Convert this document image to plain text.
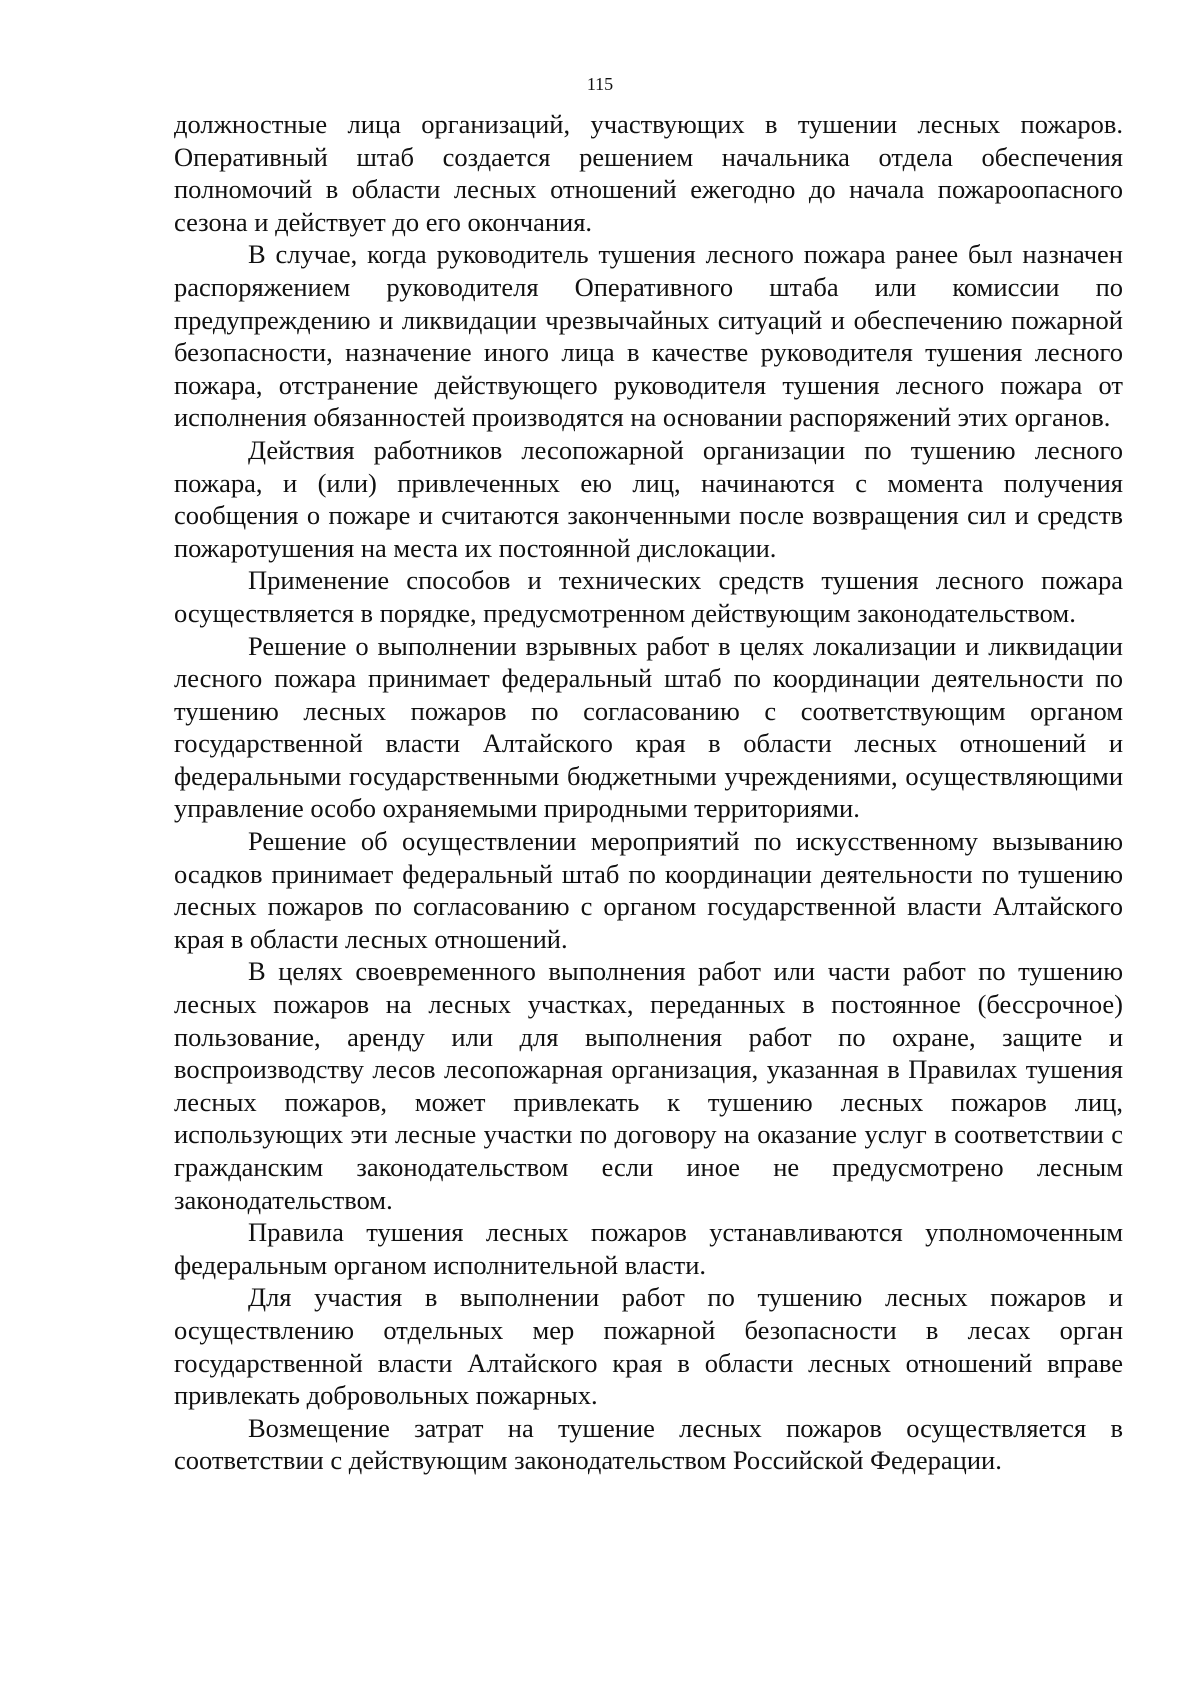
115

должностные лица организаций, участвующих в тушении лесных пожаров. Оперативный штаб создается решением начальника отдела обеспечения полномочий в области лесных отношений ежегодно до начала пожароопасного сезона и действует до его окончания.

В случае, когда руководитель тушения лесного пожара ранее был назначен распоряжением руководителя Оперативного штаба или комиссии по предупреждению и ликвидации чрезвычайных ситуаций и обеспечению пожарной безопасности, назначение иного лица в качестве руководителя тушения лесного пожара, отстранение действующего руководителя тушения лесного пожара от исполнения обязанностей производятся на основании распоряжений этих органов.

Действия работников лесопожарной организации по тушению лесного пожара, и (или) привлеченных ею лиц, начинаются с момента получения сообщения о пожаре и считаются законченными после возвращения сил и средств пожаротушения на места их постоянной дислокации.

Применение способов и технических средств тушения лесного пожара осуществляется в порядке, предусмотренном действующим законодательством.

Решение о выполнении взрывных работ в целях локализации и ликвидации лесного пожара принимает федеральный штаб по координации деятельности по тушению лесных пожаров по согласованию с соответствующим органом государственной власти Алтайского края в области лесных отношений и федеральными государственными бюджетными учреждениями, осуществляющими управление особо охраняемыми природными территориями.

Решение об осуществлении мероприятий по искусственному вызыванию осадков принимает федеральный штаб по координации деятельности по тушению лесных пожаров по согласованию с органом государственной власти Алтайского края в области лесных отношений.

В целях своевременного выполнения работ или части работ по тушению лесных пожаров на лесных участках, переданных в постоянное (бессрочное) пользование, аренду или для выполнения работ по охране, защите и воспроизводству лесов лесопожарная организация, указанная в Правилах тушения лесных пожаров, может привлекать к тушению лесных пожаров лиц, использующих эти лесные участки по договору на оказание услуг в соответствии с гражданским законодательством если иное не предусмотрено лесным законодательством.

Правила тушения лесных пожаров устанавливаются уполномоченным федеральным органом исполнительной власти.

Для участия в выполнении работ по тушению лесных пожаров и осуществлению отдельных мер пожарной безопасности в лесах орган государственной власти Алтайского края в области лесных отношений вправе привлекать добровольных пожарных.

Возмещение затрат на тушение лесных пожаров осуществляется в соответствии с действующим законодательством Российской Федерации.
